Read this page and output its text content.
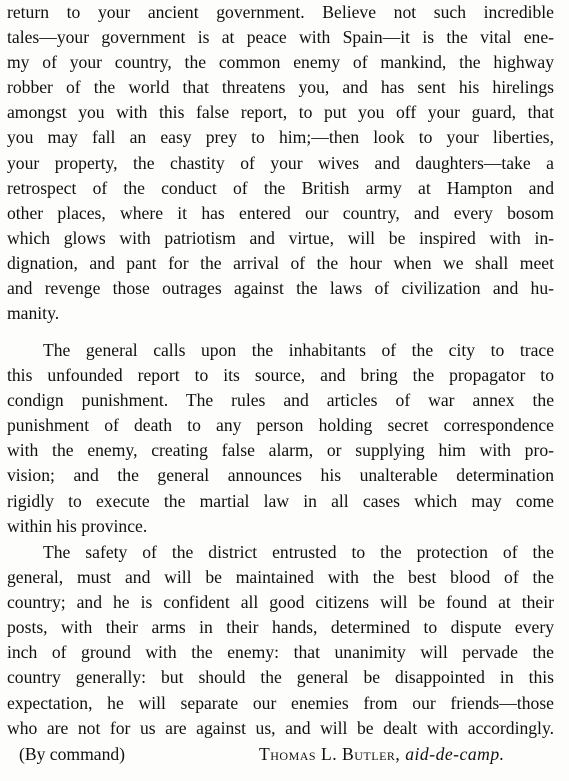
return to your ancient government. Believe not such incredible
tales—your government is at peace with Spain—it is the vital ene-
my of your country, the common enemy of mankind, the highway
robber of the world that threatens you, and has sent his hirelings
amongst you with this false report, to put you off your guard, that
you may fall an easy prey to him;—then look to your liberties,
your property, the chastity of your wives and daughters—take a
retrospect of the conduct of the British army at Hampton and
other places, where it has entered our country, and every bosom
which glows with patriotism and virtue, will be inspired with in-
dignation, and pant for the arrival of the hour when we shall meet
and revenge those outrages against the laws of civilization and hu-
manity.
The general calls upon the inhabitants of the city to trace
this unfounded report to its source, and bring the propagator to
condign punishment. The rules and articles of war annex the
punishment of death to any person holding secret correspondence
with the enemy, creating false alarm, or supplying him with pro-
vision; and the general announces his unalterable determination
rigidly to execute the martial law in all cases which may come
within his province.
The safety of the district entrusted to the protection of the
general, must and will be maintained with the best blood of the
country; and he is confident all good citizens will be found at their
posts, with their arms in their hands, determined to dispute every
inch of ground with the enemy: that unanimity will pervade the
country generally: but should the general be disappointed in this
expectation, he will separate our enemies from our friends—those
who are not for us are against us, and will be dealt with accordingly.
(By command)	Thomas L. Butler, aid-de-camp.
